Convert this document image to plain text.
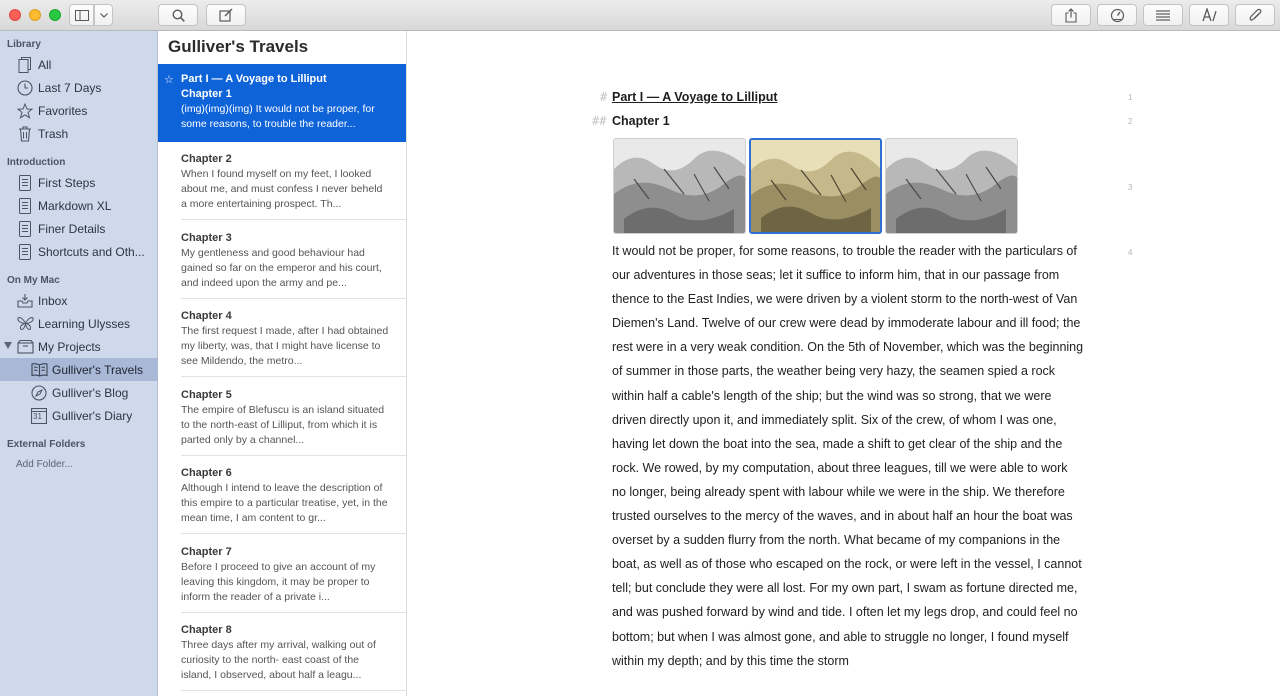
Library
All
Last 7 Days
Favorites
Trash
Introduction
First Steps
Markdown XL
Finer Details
Shortcuts and Oth...
On My Mac
Inbox
Learning Ulysses
My Projects
Gulliver's Travels
Gulliver's Blog
31 Gulliver's Diary
External Folders
Add Folder...
Gulliver's Travels
☆ Part I — A Voyage to Lilliput
Chapter 1
(img)(img)(img) It would not be proper, for some reasons, to trouble the reader...
Chapter 2
When I found myself on my feet, I looked about me, and must confess I never beheld a more entertaining prospect. Th...
Chapter 3
My gentleness and good behaviour had gained so far on the emperor and his court, and indeed upon the army and pe...
Chapter 4
The first request I made, after I had obtained my liberty, was, that I might have license to see Mildendo, the metro...
Chapter 5
The empire of Blefuscu is an island situated to the north-east of Lilliput, from which it is parted only by a channel...
Chapter 6
Although I intend to leave the description of this empire to a particular treatise, yet, in the mean time, I am content to gr...
Chapter 7
Before I proceed to give an account of my leaving this kingdom, it may be proper to inform the reader of a private i...
Chapter 8
Three days after my arrival, walking out of curiosity to the north- east coast of the island, I observed, about half a leagu...
# Part I — A Voyage to Lilliput	1
## Chapter 1	2
3
It would not be proper, for some reasons, to trouble the reader with the particulars of our adventures in those seas; let it suffice to inform him, that in our passage from thence to the East Indies, we were driven by a violent storm to the north-west of Van Diemen's Land. Twelve of our crew were dead by immoderate labour and ill food; the rest were in a very weak condition. On the 5th of November, which was the beginning of summer in those parts, the weather being very hazy, the seamen spied a rock within half a cable's length of the ship; but the wind was so strong, that we were driven directly upon it, and immediately split. Six of the crew, of whom I was one, having let down the boat into the sea, made a shift to get clear of the ship and the rock. We rowed, by my computation, about three leagues, till we were able to work no longer, being already spent with labour while we were in the ship. We therefore trusted ourselves to the mercy of the waves, and in about half an hour the boat was overset by a sudden flurry from the north. What became of my companions in the boat, as well as of those who escaped on the rock, or were left in the vessel, I cannot tell; but conclude they were all lost. For my own part, I swam as fortune directed me, and was pushed forward by wind and tide. I often let my legs drop, and could feel no bottom; but when I was almost gone, and able to struggle no longer, I found myself within my depth; and by this time the storm
4
